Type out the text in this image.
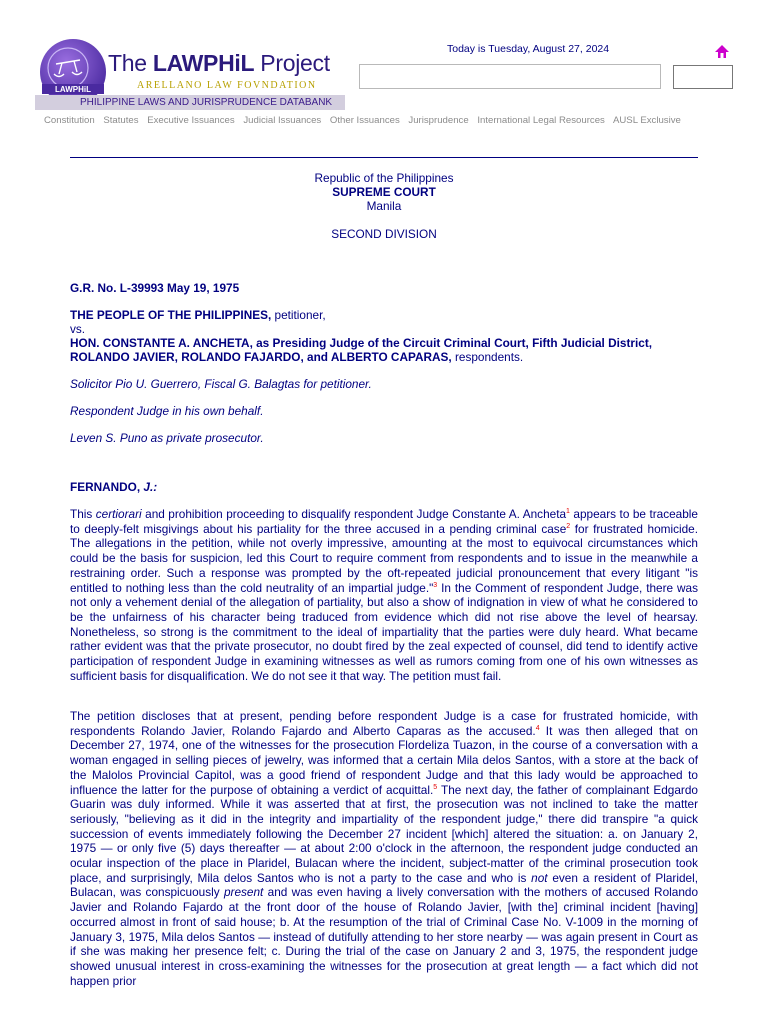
LAWPHiL
The LAWPHiL Project
ARELLANO LAW FOVNDATION
PHILIPPINE LAWS AND JURISPRUDENCE DATABANK
Today is Tuesday, August 27, 2024
Constitution Statutes Executive Issuances Judicial Issuances Other Issuances Jurisprudence International Legal Resources AUSL Exclusive
Republic of the Philippines
SUPREME COURT
Manila
SECOND DIVISION
G.R. No. L-39993 May 19, 1975
THE PEOPLE OF THE PHILIPPINES, petitioner,
vs.
HON. CONSTANTE A. ANCHETA, as Presiding Judge of the Circuit Criminal Court, Fifth Judicial District, ROLANDO JAVIER, ROLANDO FAJARDO, and ALBERTO CAPARAS, respondents.
Solicitor Pio U. Guerrero, Fiscal G. Balagtas for petitioner.
Respondent Judge in his own behalf.
Leven S. Puno as private prosecutor.
FERNANDO, J.:
This certiorari and prohibition proceeding to disqualify respondent Judge Constante A. Ancheta$^1$ appears to be traceable to deeply-felt misgivings about his partiality for the three accused in a pending criminal case$^2$ for frustrated homicide. The allegations in the petition, while not overly impressive, amounting at the most to equivocal circumstances which could be the basis for suspicion, led this Court to require comment from respondents and to issue in the meanwhile a restraining order. Such a response was prompted by the oft-repeated judicial pronouncement that every litigant "is entitled to nothing less than the cold neutrality of an impartial judge."$^3$ In the Comment of respondent Judge, there was not only a vehement denial of the allegation of partiality, but also a show of indignation in view of what he considered to be the unfairness of his character being traduced from evidence which did not rise above the level of hearsay. Nonetheless, so strong is the commitment to the ideal of impartiality that the parties were duly heard. What became rather evident was that the private prosecutor, no doubt fired by the zeal expected of counsel, did tend to identify active participation of respondent Judge in examining witnesses as well as rumors coming from one of his own witnesses as sufficient basis for disqualification. We do not see it that way. The petition must fail.
The petition discloses that at present, pending before respondent Judge is a case for frustrated homicide, with respondents Rolando Javier, Rolando Fajardo and Alberto Caparas as the accused.$^4$ It was then alleged that on December 27, 1974, one of the witnesses for the prosecution Flordeliza Tuazon, in the course of a conversation with a woman engaged in selling pieces of jewelry, was informed that a certain Mila delos Santos, with a store at the back of the Malolos Provincial Capitol, was a good friend of respondent Judge and that this lady would be approached to influence the latter for the purpose of obtaining a verdict of acquittal.$^5$ The next day, the father of complainant Edgardo Guarin was duly informed. While it was asserted that at first, the prosecution was not inclined to take the matter seriously, "believing as it did in the integrity and impartiality of the respondent judge," there did transpire "a quick succession of events immediately following the December 27 incident [which] altered the situation: a. on January 2, 1975 — or only five (5) days thereafter — at about 2:00 o'clock in the afternoon, the respondent judge conducted an ocular inspection of the place in Plaridel, Bulacan where the incident, subject-matter of the criminal prosecution took place, and surprisingly, Mila delos Santos who is not a party to the case and who is not even a resident of Plaridel, Bulacan, was conspicuously present and was even having a lively conversation with the mothers of accused Rolando Javier and Rolando Fajardo at the front door of the house of Rolando Javier, [with the] criminal incident [having] occurred almost in front of said house; b. At the resumption of the trial of Criminal Case No. V-1009 in the morning of January 3, 1975, Mila delos Santos — instead of dutifully attending to her store nearby — was again present in Court as if she was making her presence felt; c. During the trial of the case on January 2 and 3, 1975, the respondent judge showed unusual interest in cross-examining the witnesses for the prosecution at great length — a fact which did not happen prior
